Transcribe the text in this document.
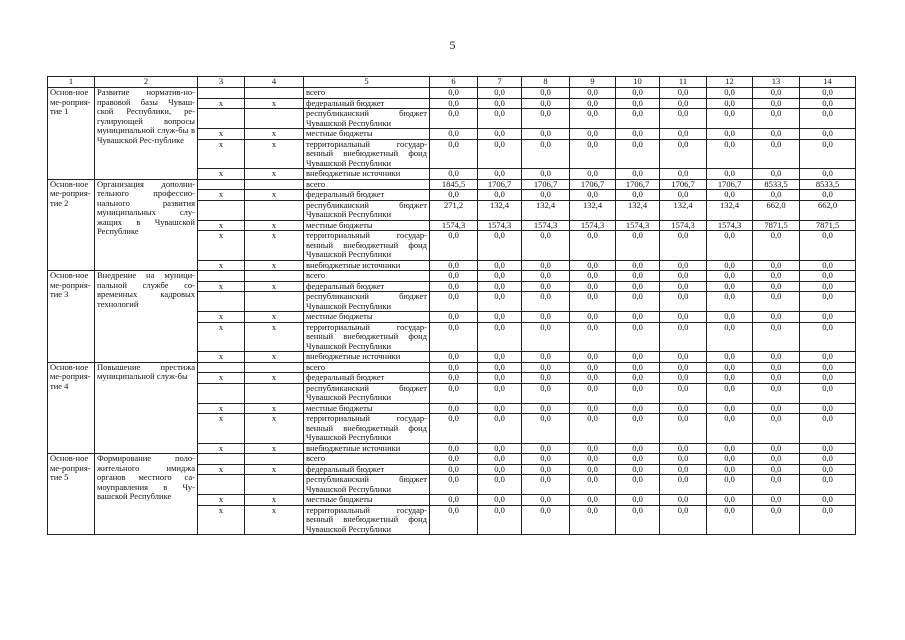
5
1	2	3	4	5	6	7	8	9	10	11	12	13	14
Основ-ное ме-роприя-тие 1	Развитие норматив-но-правовой базы Чуваш-ской Республики, ре-гулирующей вопросы муниципальной служ-бы в Чувашской Рес-публике			всего	0,0	0,0	0,0	0,0	0,0	0,0	0,0	0,0	0,0
		х	х	федеральный бюджет	0,0	0,0	0,0	0,0	0,0	0,0	0,0	0,0	0,0
				республиканский бюджет Чувашской Республики	0,0	0,0	0,0	0,0	0,0	0,0	0,0	0,0	0,0
		х	х	местные бюджеты	0,0	0,0	0,0	0,0	0,0	0,0	0,0	0,0	0,0
		х	х	территориальный государ-венный внебюджетный фонд Чувашской Республики	0,0	0,0	0,0	0,0	0,0	0,0	0,0	0,0	0,0
		х	х	внебюджетные источники	0,0	0,0	0,0	0,0	0,0	0,0	0,0	0,0	0,0
Основ-ное ме-роприя-тие 2	Организация дополни-тельного профессио-нального развития муниципальных слу-жащих в Чувашской Республике			всего	1845,5	1706,7	1706,7	1706,7	1706,7	1706,7	1706,7	8533,5	8533,5
		х	х	федеральный бюджет	0,0	0,0	0,0	0,0	0,0	0,0	0,0	0,0	0,0
				республиканский бюджет Чувашской Республики	271,2	132,4	132,4	132,4	132,4	132,4	132,4	662,0	662,0
		х	х	местные бюджеты	1574,3	1574,3	1574,3	1574,3	1574,3	1574,3	1574,3	7871,5	7871,5
		х	х	территориальный государ-венный внебюджетный фонд Чувашской Республики	0,0	0,0	0,0	0,0	0,0	0,0	0,0	0,0	0,0
		х	х	внебюджетные источники	0,0	0,0	0,0	0,0	0,0	0,0	0,0	0,0	0,0
Основ-ное ме-роприя-тие 3	Внедрение на муници-пальной службе со-временных кадровых технологий			всего	0,0	0,0	0,0	0,0	0,0	0,0	0,0	0,0	0,0
		х	х	федеральный бюджет	0,0	0,0	0,0	0,0	0,0	0,0	0,0	0,0	0,0
				республиканский бюджет Чувашской Республики	0,0	0,0	0,0	0,0	0,0	0,0	0,0	0,0	0,0
		х	х	местные бюджеты	0,0	0,0	0,0	0,0	0,0	0,0	0,0	0,0	0,0
		х	х	территориальный государ-венный внебюджетный фонд Чувашской Республики	0,0	0,0	0,0	0,0	0,0	0,0	0,0	0,0	0,0
		х	х	внебюджетные источники	0,0	0,0	0,0	0,0	0,0	0,0	0,0	0,0	0,0
Основ-ное ме-роприя-тие 4	Повышение престижа муниципальной служ-бы			всего	0,0	0,0	0,0	0,0	0,0	0,0	0,0	0,0	0,0
		х	х	федеральный бюджет	0,0	0,0	0,0	0,0	0,0	0,0	0,0	0,0	0,0
				республиканский бюджет Чувашской Республики	0,0	0,0	0,0	0,0	0,0	0,0	0,0	0,0	0,0
		х	х	местные бюджеты	0,0	0,0	0,0	0,0	0,0	0,0	0,0	0,0	0,0
		х	х	территориальный государ-венный внебюджетный фонд Чувашской Республики	0,0	0,0	0,0	0,0	0,0	0,0	0,0	0,0	0,0
		х	х	внебюджетные источники	0,0	0,0	0,0	0,0	0,0	0,0	0,0	0,0	0,0
Основ-ное ме-роприя-тие 5	Формирование поло-жительного имиджа органов местного са-моуправления в Чу-вашской Республике			всего	0,0	0,0	0,0	0,0	0,0	0,0	0,0	0,0	0,0
		х	х	федеральный бюджет	0,0	0,0	0,0	0,0	0,0	0,0	0,0	0,0	0,0
				республиканский бюджет Чувашской Республики	0,0	0,0	0,0	0,0	0,0	0,0	0,0	0,0	0,0
		х	х	местные бюджеты	0,0	0,0	0,0	0,0	0,0	0,0	0,0	0,0	0,0
		х	х	территориальный государ-венный внебюджетный фонд Чувашской Республики	0,0	0,0	0,0	0,0	0,0	0,0	0,0	0,0	0,0
